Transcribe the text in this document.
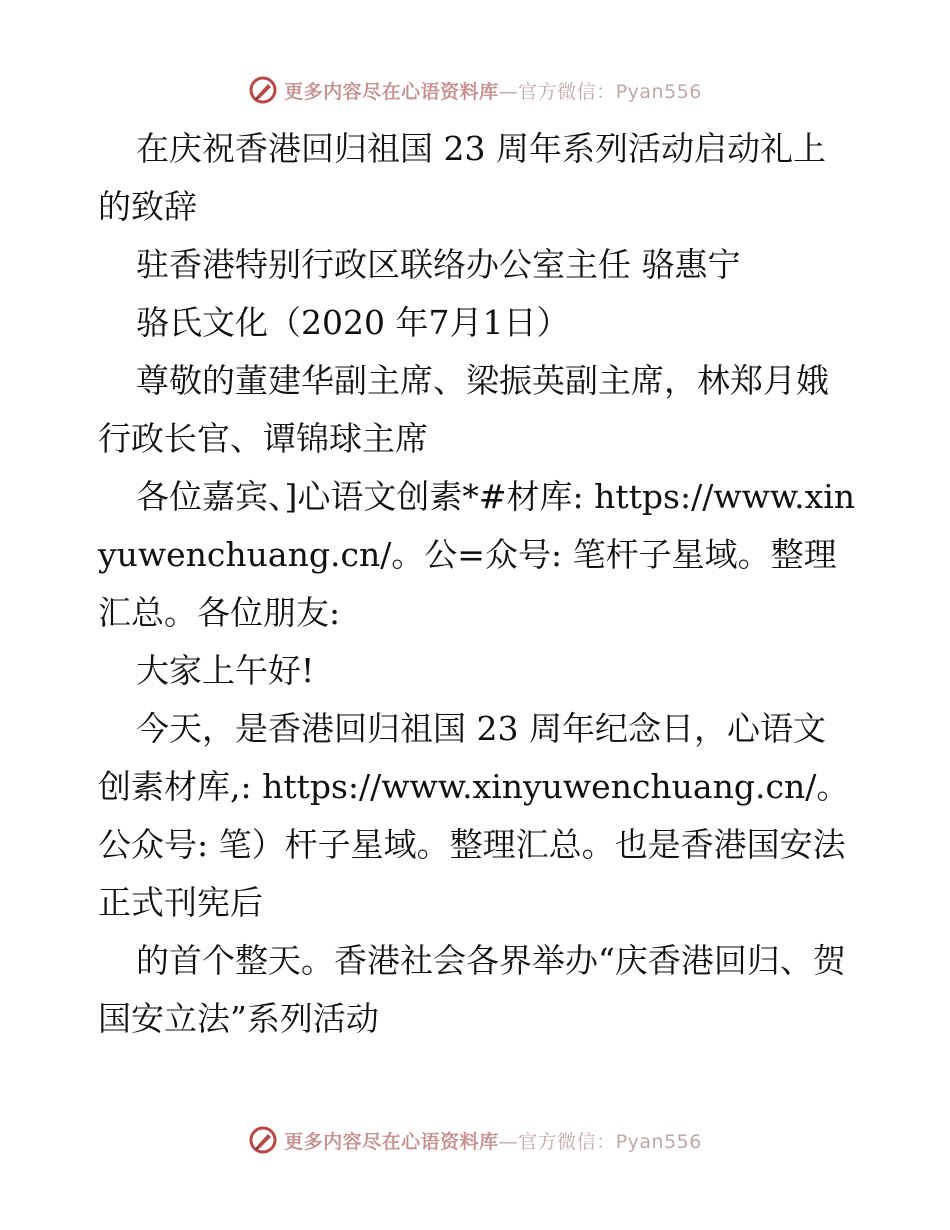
更多内容尽在心语资料库—官方微信：Pyan556

在庆祝香港回归祖国 23 周年系列活动启动礼上的致辞

驻香港特别行政区联络办公室主任 骆惠宁

骆氏文化（2020 年7月1日）

尊敬的董建华副主席、梁振英副主席，林郑月娥行政长官、谭锦球主席

各位嘉宾、]心语文创素*#材库: https://www.xinyuwenchuang.cn/。公=众号: 笔杆子星域。整理汇总。各位朋友:

大家上午好!

今天，是香港回归祖国 23 周年纪念日，心语文创素材库,: https://www.xinyuwenchuang.cn/。公众号: 笔）杆子星域。整理汇总。也是香港国安法正式刊宪后

的首个整天。香港社会各界举办“庆香港回归、贺国安立法”系列活动

更多内容尽在心语资料库—官方微信：Pyan556
